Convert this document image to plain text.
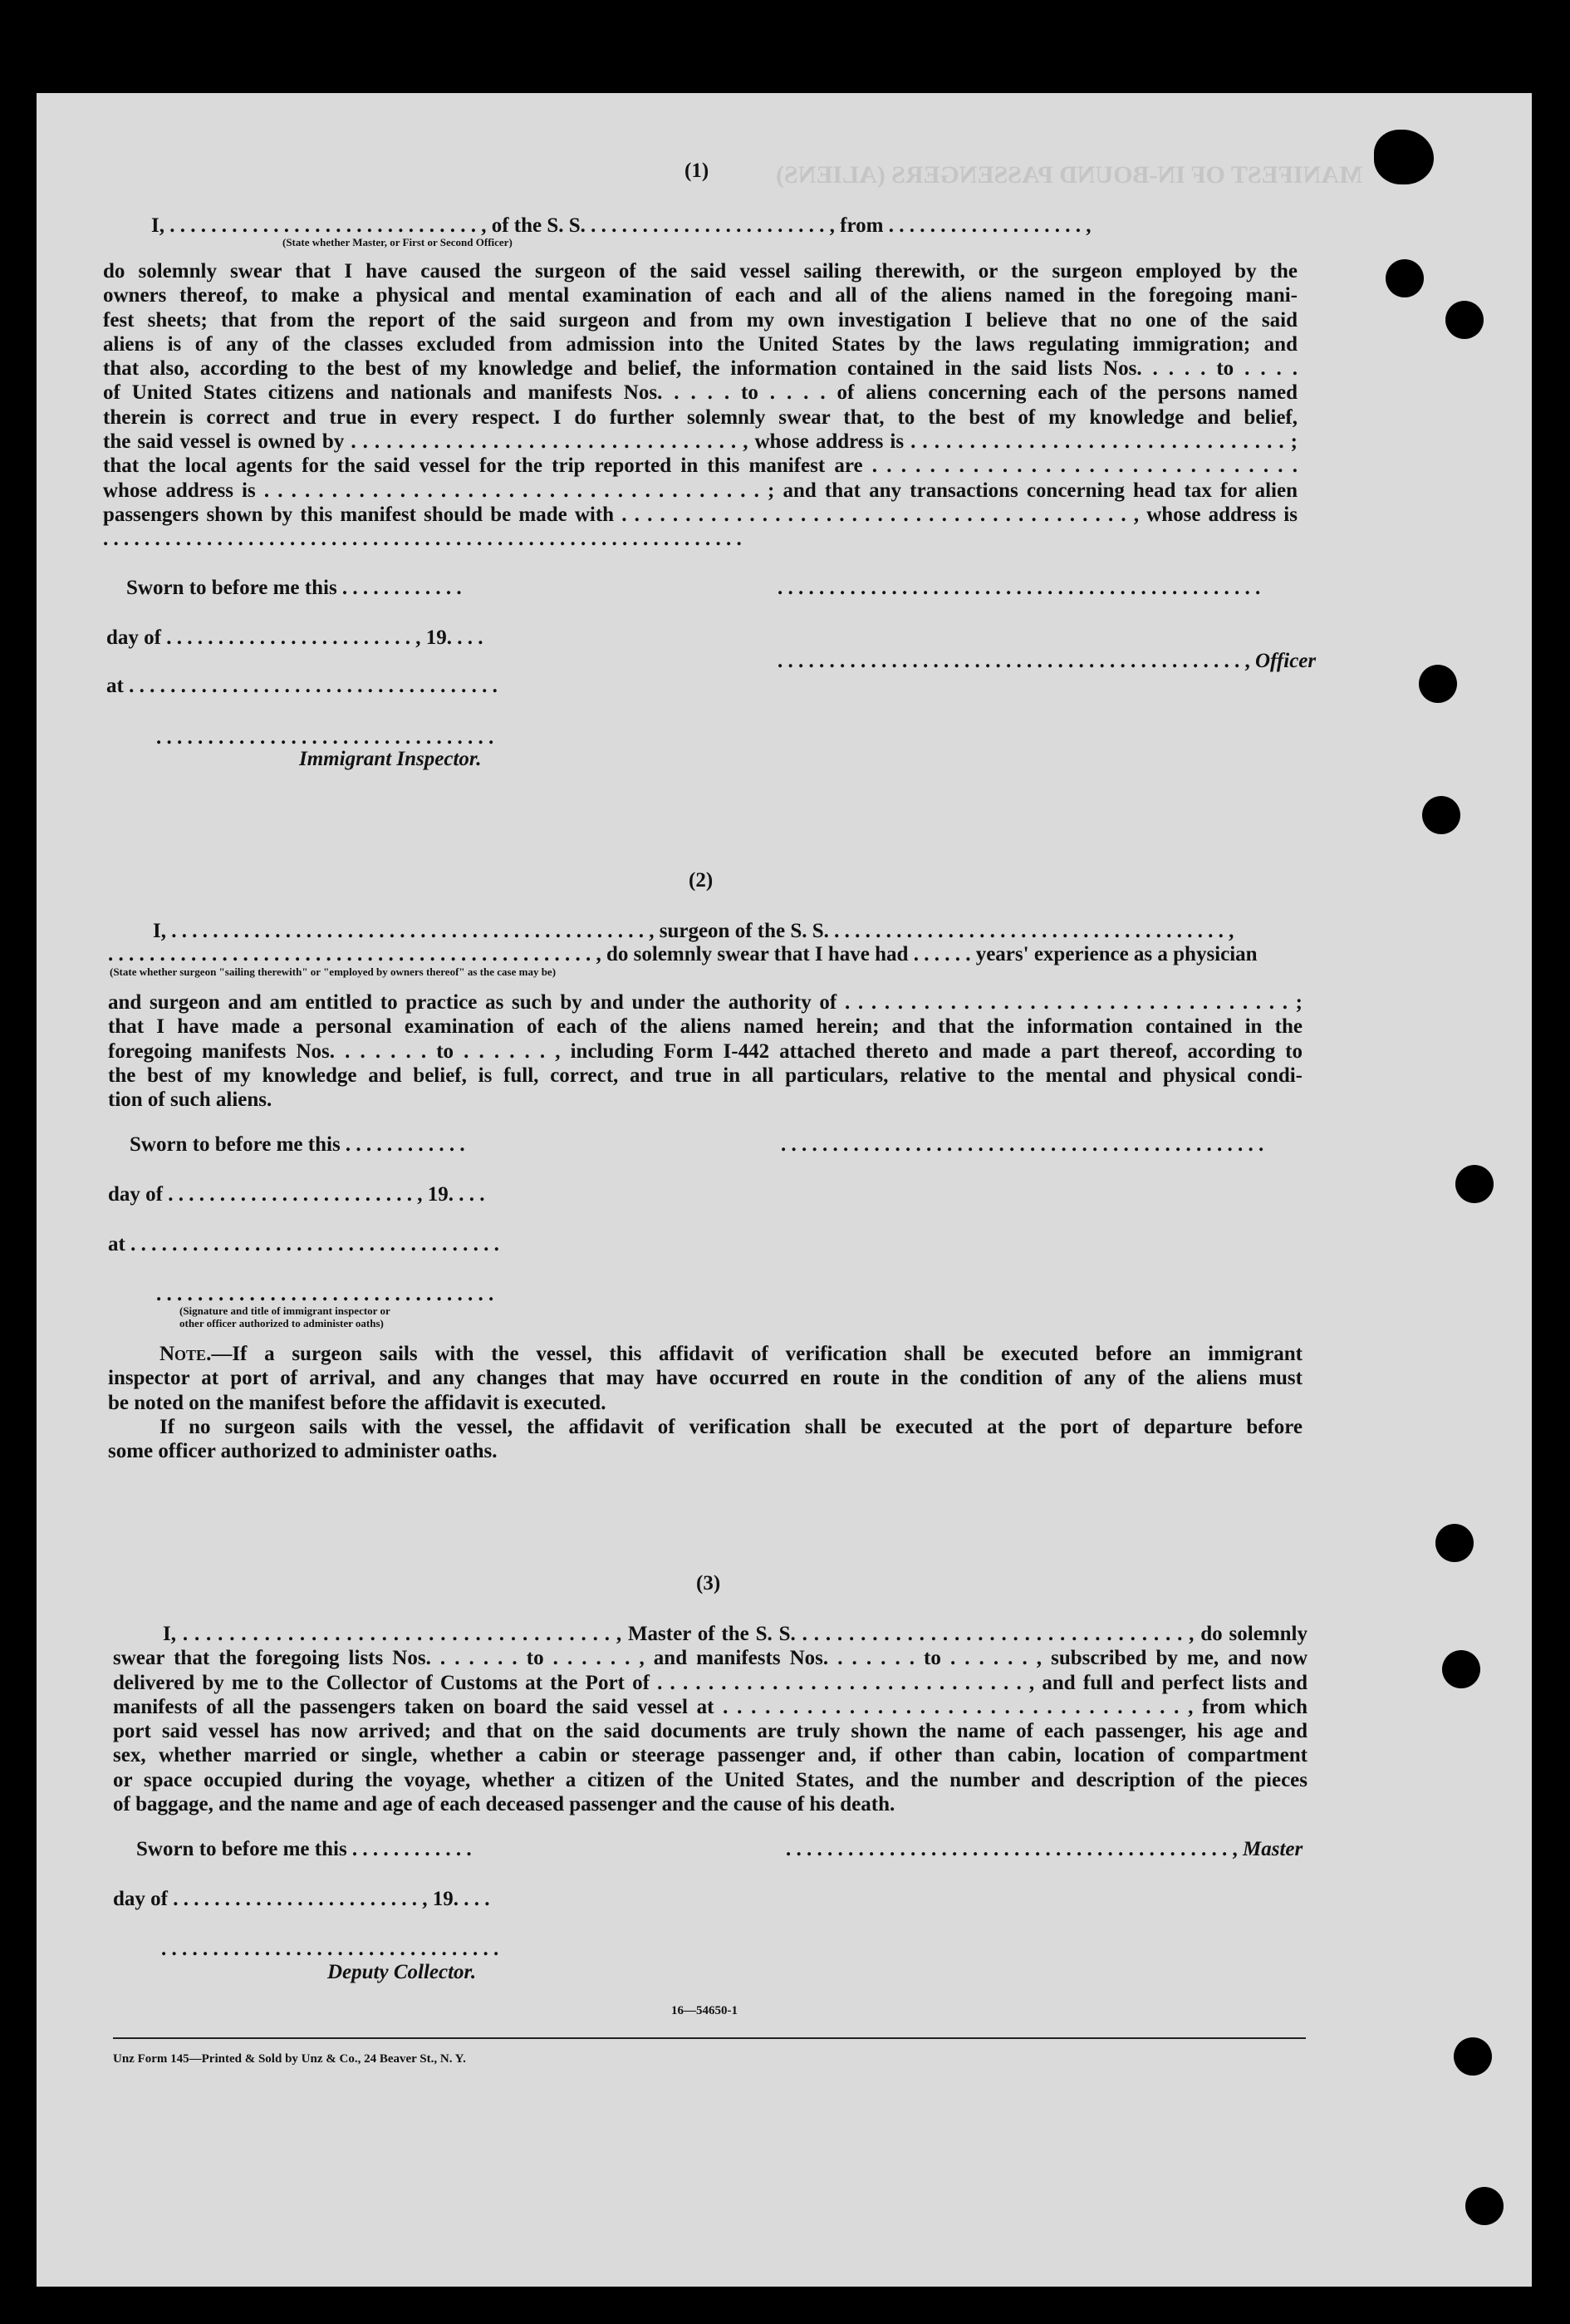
MANIFEST OF IN-BOUND PASSENGERS (ALIENS)
(1)
I, . . . . . . . . . . . . . . . . . . . . . . . . . . . . . . , of the S. S. . . . . . . . . . . . . . . . . . . . . . . . , from . . . . . . . . . . . . . . . . . . . ,
(State whether Master, or First or Second Officer)

do solemnly swear that I have caused the surgeon of the said vessel sailing therewith, or the surgeon employed by the

owners thereof, to make a physical and mental examination of each and all of the aliens named in the foregoing mani-

fest sheets; that from the report of the said surgeon and from my own investigation I believe that no one of the said

aliens is of any of the classes excluded from admission into the United States by the laws regulating immigration; and

that also, according to the best of my knowledge and belief, the information contained in the said lists Nos. . . . . to . . . .

of United States citizens and nationals and manifests Nos. . . . . to . . . . of aliens concerning each of the persons named

therein is correct and true in every respect. I do further solemnly swear that, to the best of my knowledge and belief,

the said vessel is owned by . . . . . . . . . . . . . . . . . . . . . . . . . . . . . . . . . , whose address is . . . . . . . . . . . . . . . . . . . . . . . . . . . . . . . . ;

that the local agents for the said vessel for the trip reported in this manifest are . . . . . . . . . . . . . . . . . . . . . . . . . . . . . .

whose address is . . . . . . . . . . . . . . . . . . . . . . . . . . . . . . . . . . . . . ; and that any transactions concerning head tax for alien

passengers shown by this manifest should be made with . . . . . . . . . . . . . . . . . . . . . . . . . . . . . . . . . . . . . . . . , whose address is

. . . . . . . . . . . . . . . . . . . . . . . . . . . . . . . . . . . . . . . . . . . . . . . . . . . . . . . . . . . . . .

Sworn to before me this . . . . . . . . . . . .	. . . . . . . . . . . . . . . . . . . . . . . . . . . . . . . . . . . . . . . . . . . . . . .
day of . . . . . . . . . . . . . . . . . . . . . . . . , 19. . . .
. . . . . . . . . . . . . . . . . . . . . . . . . . . . . . . . . . . . . . . . . . . . . , Officer
at . . . . . . . . . . . . . . . . . . . . . . . . . . . . . . . . . . . .
. . . . . . . . . . . . . . . . . . . . . . . . . . . . . . . . .
Immigrant Inspector.
(2)
I, . . . . . . . . . . . . . . . . . . . . . . . . . . . . . . . . . . . . . . . . . . . . . . , surgeon of the S. S. . . . . . . . . . . . . . . . . . . . . . . . . . . . . . . . . . . . . . . ,
. . . . . . . . . . . . . . . . . . . . . . . . . . . . . . . . . . . . . . . . . . . . . . . , do solemnly swear that I have had . . . . . . years' experience as a physician
(State whether surgeon "sailing therewith" or "employed by owners thereof" as the case may be)

and surgeon and am entitled to practice as such by and under the authority of . . . . . . . . . . . . . . . . . . . . . . . . . . . . . . . . . . ;

that I have made a personal examination of each of the aliens named herein; and that the information contained in the

foregoing manifests Nos. . . . . . . to . . . . . . , including Form I-442 attached thereto and made a part thereof, according to

the best of my knowledge and belief, is full, correct, and true in all particulars, relative to the mental and physical condi-

tion of such aliens.

Sworn to before me this . . . . . . . . . . . .	. . . . . . . . . . . . . . . . . . . . . . . . . . . . . . . . . . . . . . . . . . . . . . .
day of . . . . . . . . . . . . . . . . . . . . . . . . , 19. . . .
at . . . . . . . . . . . . . . . . . . . . . . . . . . . . . . . . . . . .
. . . . . . . . . . . . . . . . . . . . . . . . . . . . . . . . .
(Signature and title of immigrant inspector or
other officer authorized to administer oaths)

Note.—If a surgeon sails with the vessel, this affidavit of verification shall be executed before an immigrant

inspector at port of arrival, and any changes that may have occurred en route in the condition of any of the aliens must

be noted on the manifest before the affidavit is executed.

If no surgeon sails with the vessel, the affidavit of verification shall be executed at the port of departure before

some officer authorized to administer oaths.

(3)

I, . . . . . . . . . . . . . . . . . . . . . . . . . . . . . . . . . . . . . , Master of the S. S. . . . . . . . . . . . . . . . . . . . . . . . . . . . . . . . . . , do solemnly

swear that the foregoing lists Nos. . . . . . . to . . . . . . , and manifests Nos. . . . . . . to . . . . . . , subscribed by me, and now

delivered by me to the Collector of Customs at the Port of . . . . . . . . . . . . . . . . . . . . . . . . . . . . . , and full and perfect lists and

manifests of all the passengers taken on board the said vessel at . . . . . . . . . . . . . . . . . . . . . . . . . . . . . . . . . , from which

port said vessel has now arrived; and that on the said documents are truly shown the name of each passenger, his age and

sex, whether married or single, whether a cabin or steerage passenger and, if other than cabin, location of compartment

or space occupied during the voyage, whether a citizen of the United States, and the number and description of the pieces

of baggage, and the name and age of each deceased passenger and the cause of his death.

Sworn to before me this . . . . . . . . . . . .	. . . . . . . . . . . . . . . . . . . . . . . . . . . . . . . . . . . . . . . . . . . , Master
day of . . . . . . . . . . . . . . . . . . . . . . . . , 19. . . .
. . . . . . . . . . . . . . . . . . . . . . . . . . . . . . . . .
Deputy Collector.
16—54650-1
Unz Form 145—Printed & Sold by Unz & Co., 24 Beaver St., N. Y.
